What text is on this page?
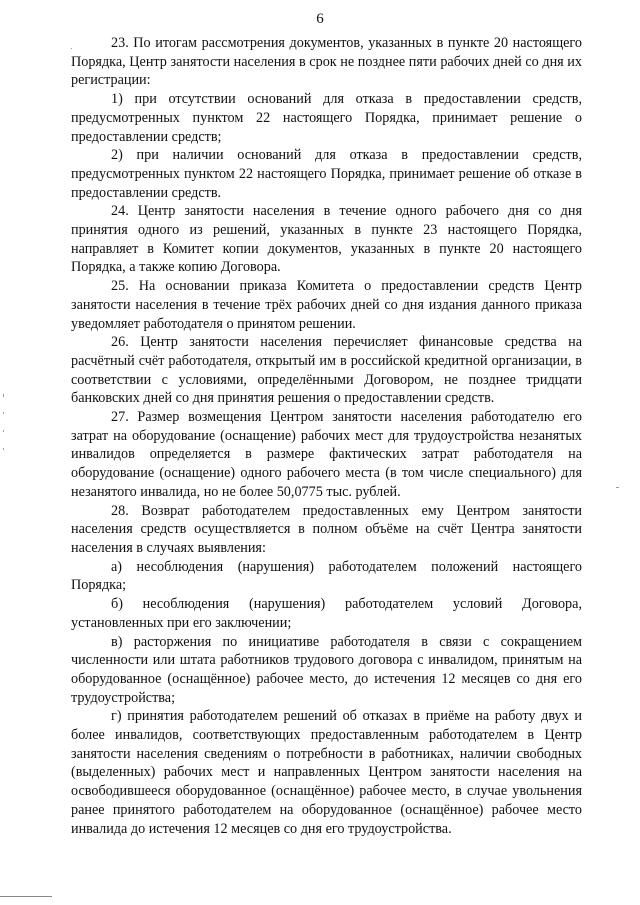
6

23. По итогам рассмотрения документов, указанных в пункте 20 настоящего Порядка, Центр занятости населения в срок не позднее пяти рабочих дней со дня их регистрации:

1) при отсутствии оснований для отказа в предоставлении средств, предусмотренных пунктом 22 настоящего Порядка, принимает решение о предоставлении средств;

2) при наличии оснований для отказа в предоставлении средств, предусмотренных пунктом 22 настоящего Порядка, принимает решение об отказе в предоставлении средств.

24. Центр занятости населения в течение одного рабочего дня со дня принятия одного из решений, указанных в пункте 23 настоящего Порядка, направляет в Комитет копии документов, указанных в пункте 20 настоящего Порядка, а также копию Договора.

25. На основании приказа Комитета о предоставлении средств Центр занятости населения в течение трёх рабочих дней со дня издания данного приказа уведомляет работодателя о принятом решении.

26. Центр занятости населения перечисляет финансовые средства на расчётный счёт работодателя, открытый им в российской кредитной организации, в соответствии с условиями, определёнными Договором, не позднее тридцати банковских дней со дня принятия решения о предоставлении средств.

27. Размер возмещения Центром занятости населения работодателю его затрат на оборудование (оснащение) рабочих мест для трудоустройства незанятых инвалидов определяется в размере фактических затрат работодателя на оборудование (оснащение) одного рабочего места (в том числе специального) для незанятого инвалида, но не более 50,0775 тыс. рублей.

28. Возврат работодателем предоставленных ему Центром занятости населения средств осуществляется в полном объёме на счёт Центра занятости населения в случаях выявления:

а) несоблюдения (нарушения) работодателем положений настоящего Порядка;

б) несоблюдения (нарушения) работодателем условий Договора, установленных при его заключении;

в) расторжения по инициативе работодателя в связи с сокращением численности или штата работников трудового договора с инвалидом, принятым на оборудованное (оснащённое) рабочее место, до истечения 12 месяцев со дня его трудоустройства;

г) принятия работодателем решений об отказах в приёме на работу двух и более инвалидов, соответствующих предоставленным работодателем в Центр занятости населения сведениям о потребности в работниках, наличии свободных (выделенных) рабочих мест и направленных Центром занятости населения на освободившееся оборудованное (оснащённое) рабочее место, в случае увольнения ранее принятого работодателем на оборудованное (оснащённое) рабочее место инвалида до истечения 12 месяцев со дня его трудоустройства.
